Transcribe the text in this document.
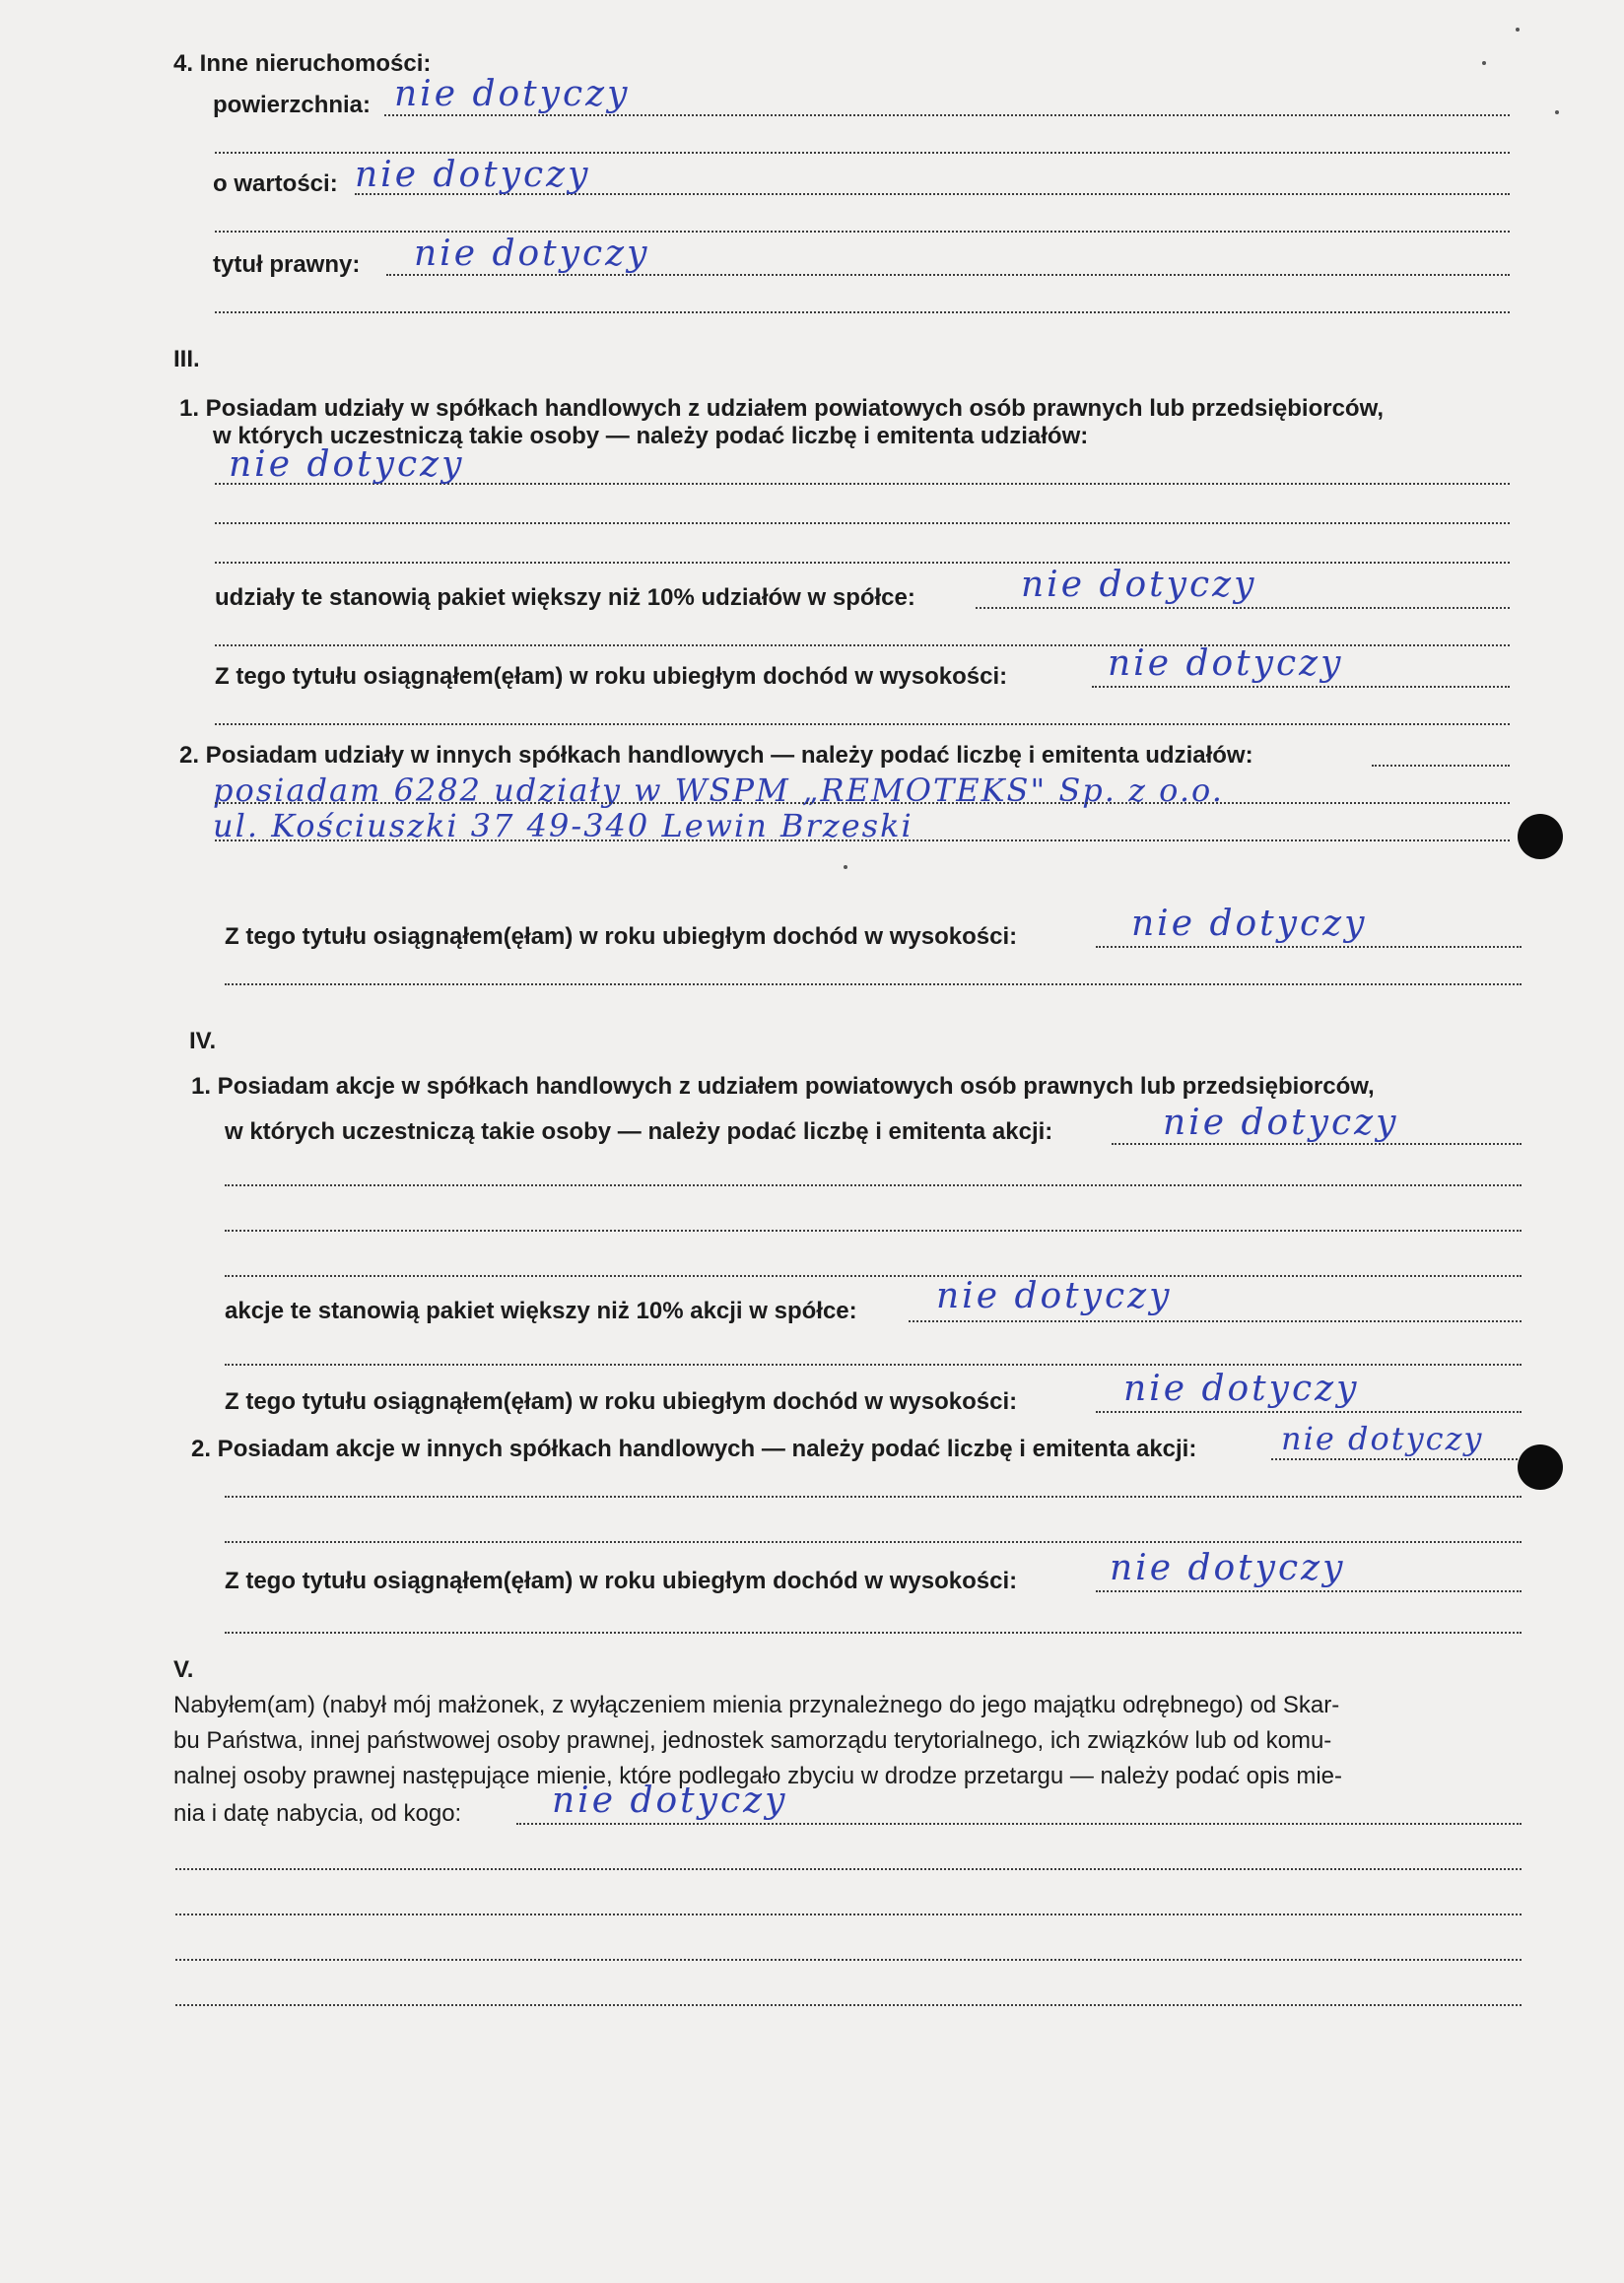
4. Inne nieruchomości:
powierzchnia: nie dotyczy
o wartości: nie dotyczy
tytuł prawny: nie dotyczy
III.
1. Posiadam udziały w spółkach handlowych z udziałem powiatowych osób prawnych lub przedsiębiorców,
w których uczestniczą takie osoby — należy podać liczbę i emitenta udziałów:
nie dotyczy
udziały te stanowią pakiet większy niż 10% udziałów w spółce:	nie dotyczy
Z tego tytułu osiągnąłem(ęłam) w roku ubiegłym dochód w wysokości:	nie dotyczy
2. Posiadam udziały w innych spółkach handlowych — należy podać liczbę i emitenta udziałów:
posiadam 6282 udziały w WSPM „REMOTEKS" Sp. z o.o.
ul. Kościuszki 37 49-340 Lewin Brzeski
Z tego tytułu osiągnąłem(ęłam) w roku ubiegłym dochód w wysokości:	nie dotyczy
IV.
1. Posiadam akcje w spółkach handlowych z udziałem powiatowych osób prawnych lub przedsiębiorców,
w których uczestniczą takie osoby — należy podać liczbę i emitenta akcji:	nie dotyczy
akcje te stanowią pakiet większy niż 10% akcji w spółce: nie dotyczy
Z tego tytułu osiągnąłem(ęłam) w roku ubiegłym dochód w wysokości:	nie dotyczy
2. Posiadam akcje w innych spółkach handlowych — należy podać liczbę i emitenta akcji:	nie dotyczy
Z tego tytułu osiągnąłem(ęłam) w roku ubiegłym dochód w wysokości:	nie dotyczy
V.
Nabyłem(am) (nabył mój małżonek, z wyłączeniem mienia przynależnego do jego majątku odrębnego) od Skar-
bu Państwa, innej państwowej osoby prawnej, jednostek samorządu terytorialnego, ich związków lub od komu-
nalnej osoby prawnej następujące mienie, które podlegało zbyciu w drodze przetargu — należy podać opis mie-
nia i datę nabycia, od kogo:	nie dotyczy
